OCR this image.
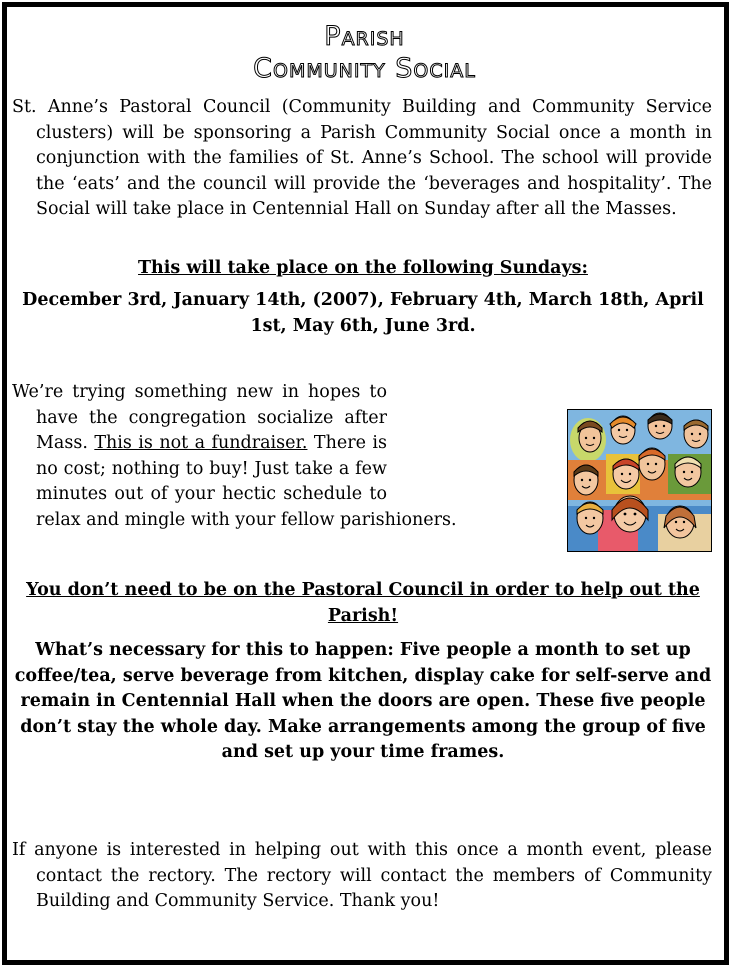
Parish
Community Social
St. Anne’s Pastoral Council (Community Building and Community Service clusters) will be sponsoring a Parish Community Social once a month in conjunction with the families of St. Anne’s School. The school will provide the ‘eats’ and the council will provide the ‘beverages and hospitality’. The Social will take place in Centennial Hall on Sunday after all the Masses.
This will take place on the following Sundays:
December 3rd, January 14th, (2007), February 4th, March 18th, April 1st, May 6th, June 3rd.
We’re trying something new in hopes to have the congregation socialize after Mass. This is not a fundraiser. There is no cost; nothing to buy! Just take a few minutes out of your hectic schedule to relax and mingle with your fellow parishioners.
You don’t need to be on the Pastoral Council in order to help out the Parish!
What’s necessary for this to happen: Five people a month to set up coffee/tea, serve beverage from kitchen, display cake for self-serve and remain in Centennial Hall when the doors are open. These five people don’t stay the whole day. Make arrangements among the group of five and set up your time frames.
If anyone is interested in helping out with this once a month event, please contact the rectory. The rectory will contact the members of Community Building and Community Service. Thank you!
